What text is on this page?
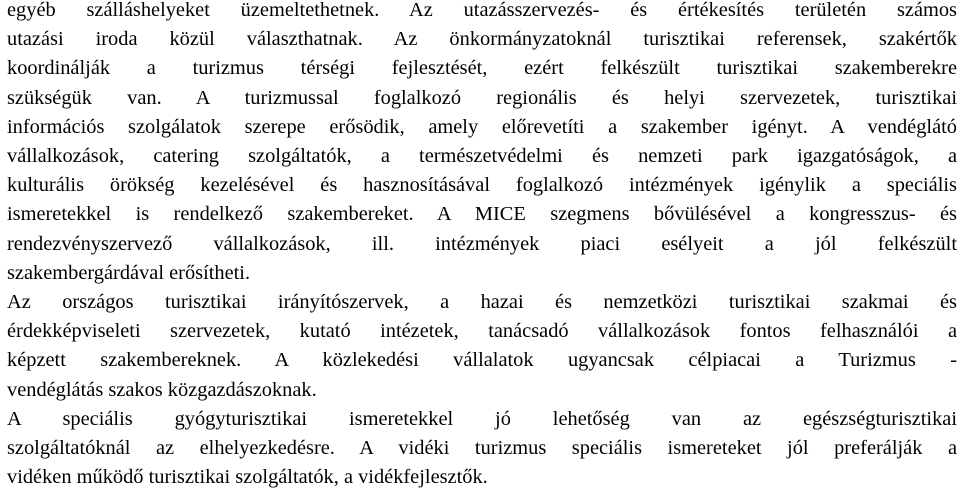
egyéb szálláshelyeket üzemeltethetnek. Az utazásszervezés- és értékesítés területén számos
utazási iroda közül választhatnak. Az önkormányzatoknál turisztikai referensek, szakértők
koordinálják a turizmus térségi fejlesztését, ezért felkészült turisztikai szakemberekre
szükségük van. A turizmussal foglalkozó regionális és helyi szervezetek, turisztikai
információs szolgálatok szerepe erősödik, amely előrevetíti a szakember igényt. A vendéglátó
vállalkozások, catering szolgáltatók, a természetvédelmi és nemzeti park igazgatóságok, a
kulturális örökség kezelésével és hasznosításával foglalkozó intézmények igénylik a speciális
ismeretekkel is rendelkező szakembereket. A MICE szegmens bővülésével a kongresszus- és
rendezvényszervező vállalkozások, ill. intézmények piaci esélyeit a jól felkészült
szakembergárdával erősítheti.
Az országos turisztikai irányítószervek, a hazai és nemzetközi turisztikai szakmai és
érdekképviseleti szervezetek, kutató intézetek, tanácsadó vállalkozások fontos felhasználói a
képzett szakembereknek. A közlekedési vállalatok ugyancsak célpiacai a Turizmus -
vendéglátás szakos közgazdászoknak.
A speciális gyógyturisztikai ismeretekkel jó lehetőség van az egészségturisztikai
szolgáltatóknál az elhelyezkedésre. A vidéki turizmus speciális ismereteket jól preferálják a
vidéken működő turisztikai szolgáltatók, a vidékfejlesztők.
